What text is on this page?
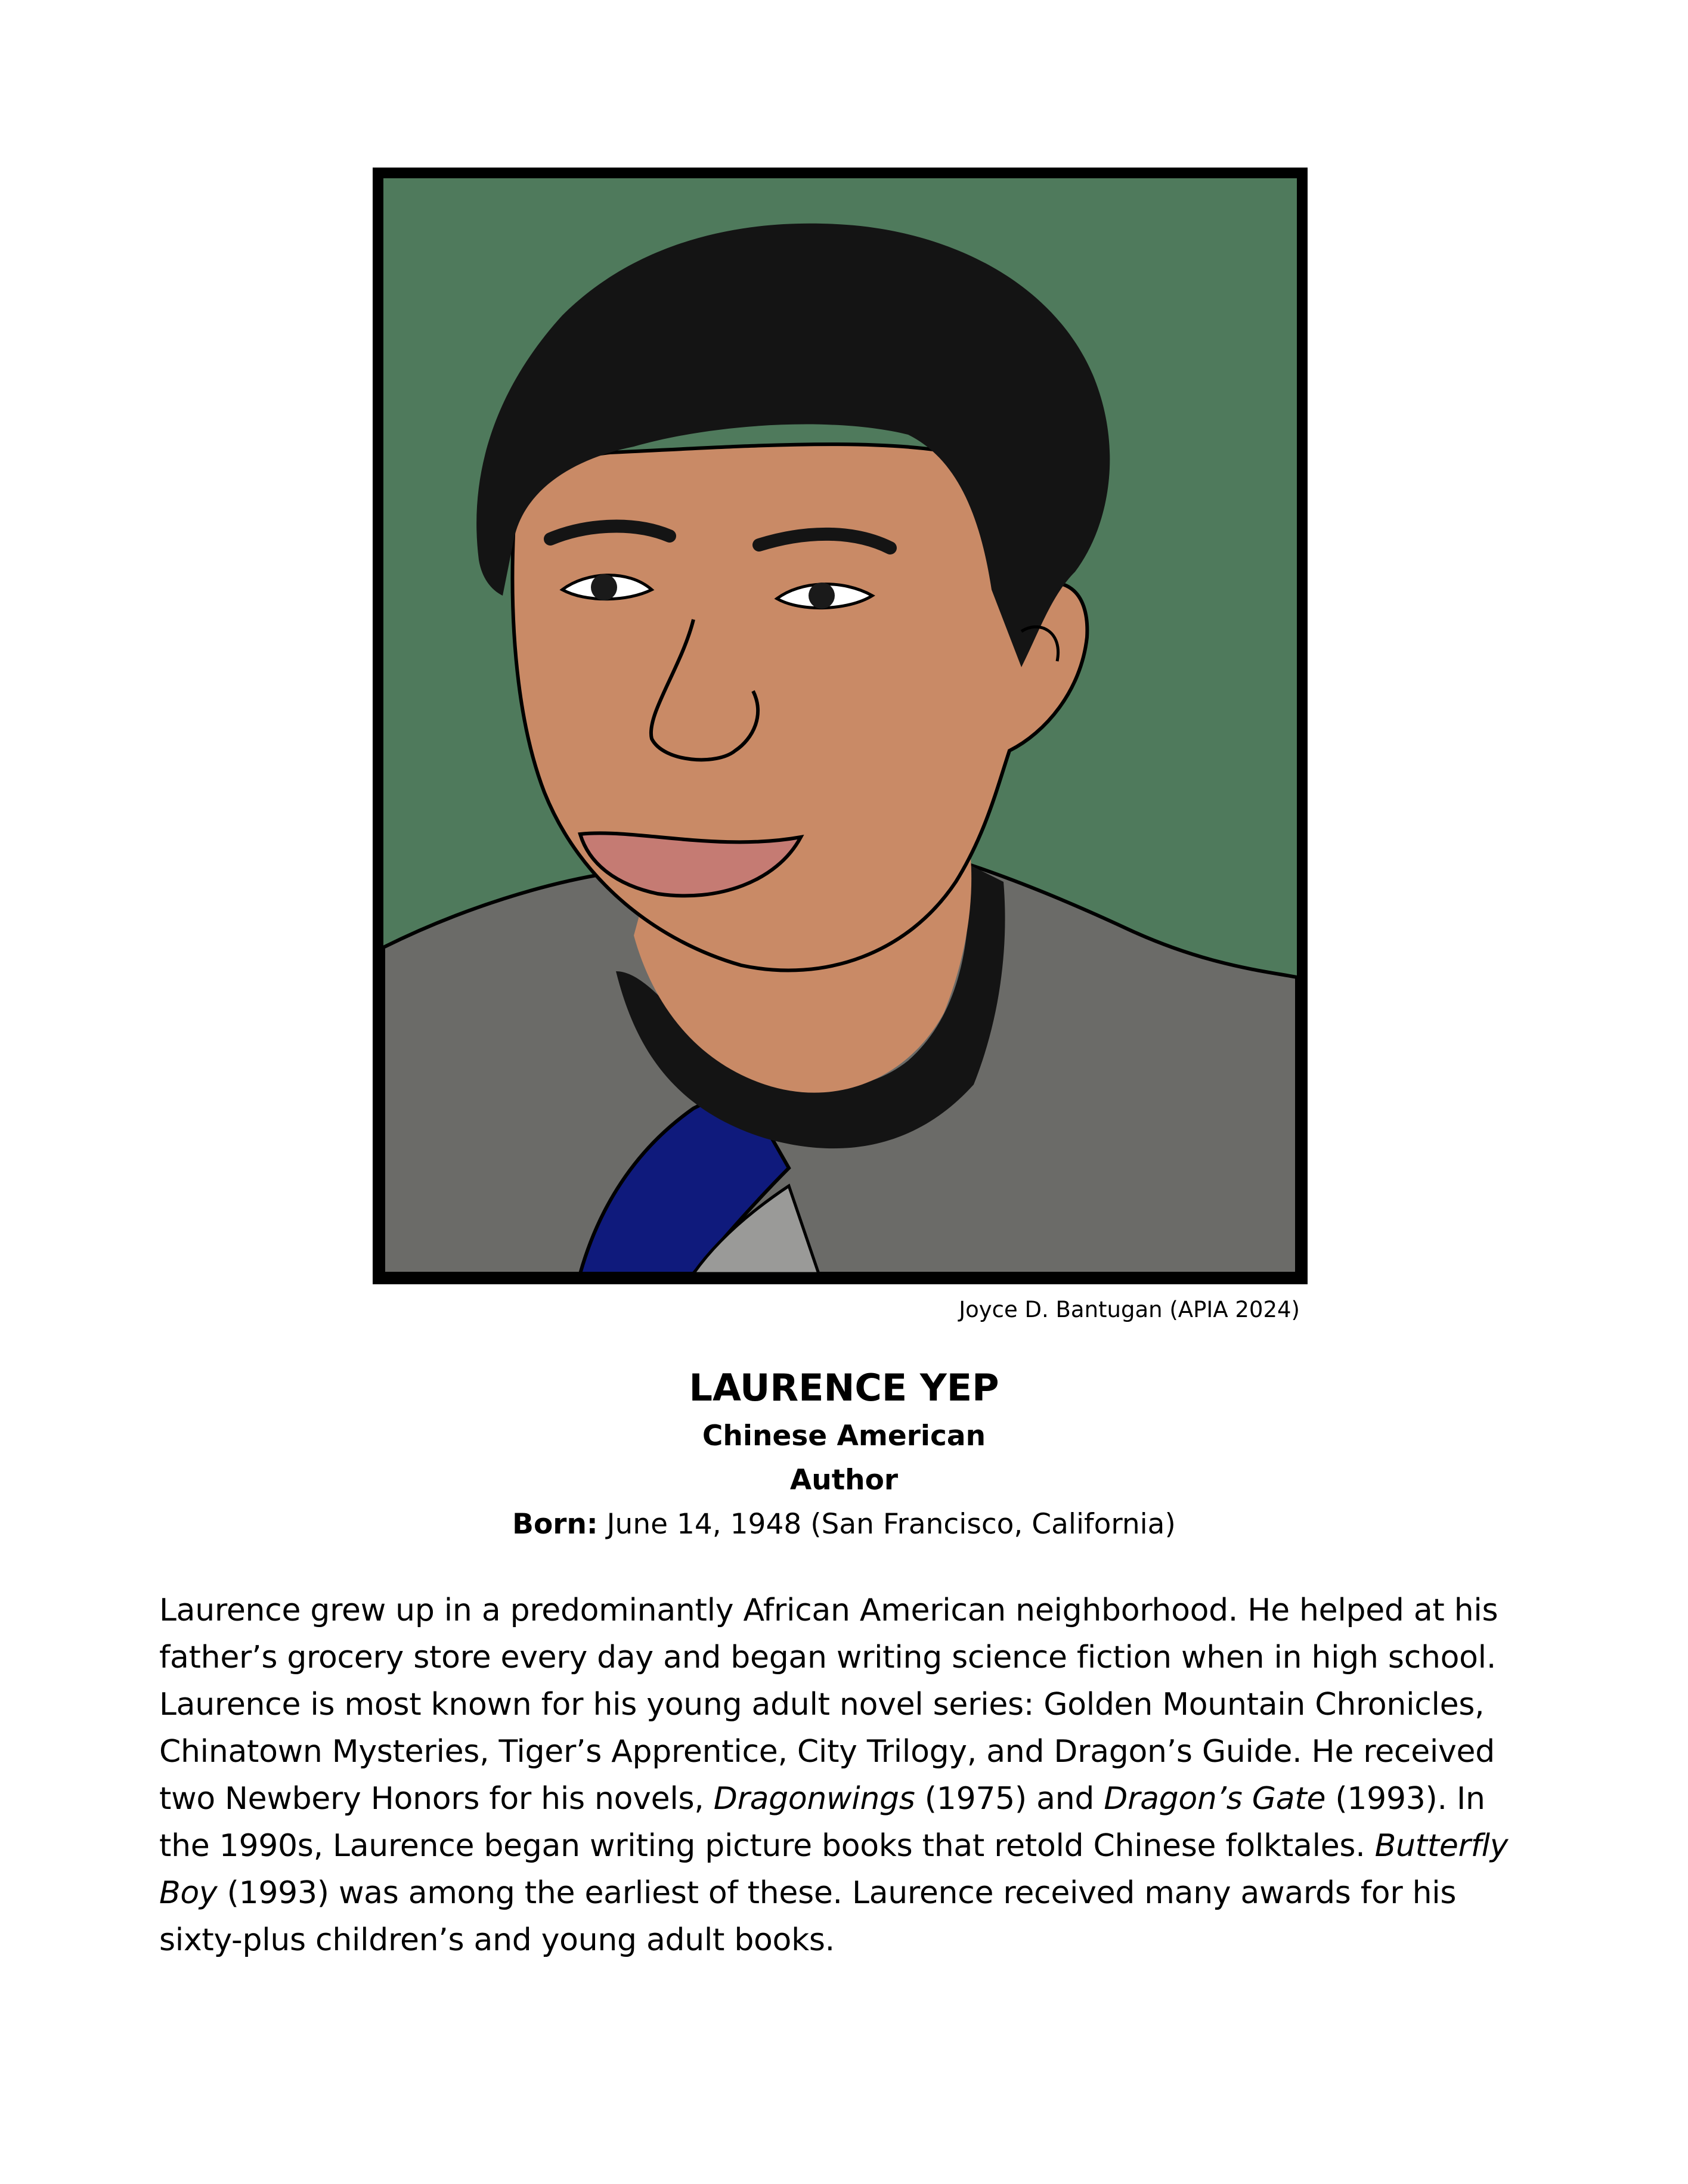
Joyce D. Bantugan (APIA 2024)
LAURENCE YEP
Chinese American
Author
Born: June 14, 1948 (San Francisco, California)

Laurence grew up in a predominantly African American neighborhood. He helped at his father’s grocery store every day and began writing science fiction when in high school. Laurence is most known for his young adult novel series: Golden Mountain Chronicles, Chinatown Mysteries, Tiger’s Apprentice, City Trilogy, and Dragon’s Guide. He received two Newbery Honors for his novels, Dragonwings (1975) and Dragon’s Gate (1993). In the 1990s, Laurence began writing picture books that retold Chinese folktales. Butterfly Boy (1993) was among the earliest of these. Laurence received many awards for his sixty-plus children’s and young adult books.
